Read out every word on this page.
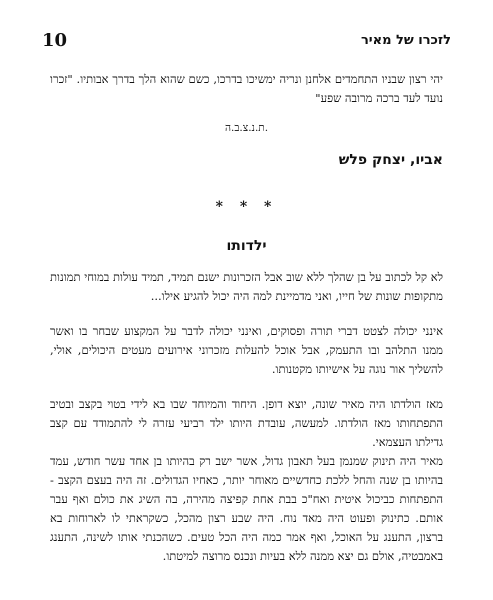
10	לזכרו של מאיר
יהי רצון שבניו התחמדים אלחנן ונריה ימשיכו בדרכו, כשם שהוא הלך בדרך אבותיו. "זכרו נועד לעד ברכה מרובה שפע"
ת.נ.צ.ב.ה.
אביו, יצחק פלש
* * *
ילדותו
לא קל לכתוב על בן שהלך ללא שוב אבל הזכרונות ישנם תמיד, תמיד עולות במוחי תמונות מתקופות שונות של חייו, ואני מדמיינת למה היה יכול להגיע אילו...
אינני יכולה לצטט דברי תורה ופסוקים, ואינני יכולה לדבר על המקצוע שבחר בו ואשר ממנו התלהב ובו התעמק, אבל אוכל להעלות מזכרוני אירועים מעטים היכולים, אולי, להשליך אור נוגה על אישיותו מקטנותו.
מאז הולדתו היה מאיר שונה, יוצא דופן. היחוד והמיוחד שבו בא לידי בטוי בקצב ובטיב התפתחותו מאז הולדתו. למעשה, עובדת היותו ילד רביעי עזרה לי להתמודד עם קצב גדילתו העצמאי.
מאיר היה תינוק שמנמן בעל תאבון גדול, אשר ישב רק בהיותו בן אחד עשר חודש, עמד בהיותו בן שנה והחל ללכת כחדשיים מאוחר יותר, כאחיו הגדולים. זה היה בעצם הקצב - התפתחות כביכול איטית ואח"כ בבת אחת קפיצה מהירה, בה השיג את כולם ואף עבר אותם. כתינוק ופעוט היה מאד נוח. היה שבע רצון מהכל, כשקראתי לו לארוחות בא ברצון, התענג על האוכל, ואף אמר כמה היה הכל טעים. כשהכנתי אותו לשינה, התענג באמבטיה, אולם גם יצא ממנה ללא בעיות ונכנס מרוצה למיטתו.
